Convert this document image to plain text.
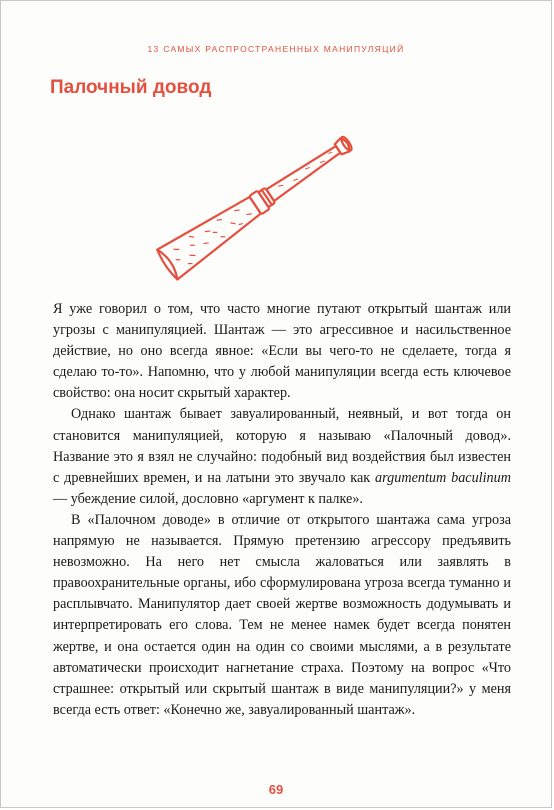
13 САМЫХ РАСПРОСТРАНЕННЫХ МАНИПУЛЯЦИЙ
Палочный довод

Я уже говорил о том, что часто многие путают открытый шантаж или угрозы с манипуляцией. Шантаж — это агрессивное и насильственное действие, но оно всегда явное: «Если вы чего-то не сделаете, тогда я сделаю то-то». Напомню, что у любой манипуляции всегда есть ключевое свойство: она носит скрытый характер.

Однако шантаж бывает завуалированный, неявный, и вот тогда он становится манипуляцией, которую я называю «Палочный довод». Название это я взял не случайно: подобный вид воздействия был известен с древнейших времен, и на латыни это звучало как argumentum baculinum — убеждение силой, дословно «аргумент к палке».

В «Палочном доводе» в отличие от открытого шантажа сама угроза напрямую не называется. Прямую претензию агрессору предъявить невозможно. На него нет смысла жаловаться или заявлять в правоохранительные органы, ибо сформулирована угроза всегда туманно и расплывчато. Манипулятор дает своей жертве возможность додумывать и интерпретировать его слова. Тем не менее намек будет всегда понятен жертве, и она остается один на один со своими мыслями, а в результате автоматически происходит нагнетание страха. Поэтому на вопрос «Что страшнее: открытый или скрытый шантаж в виде манипуляции?» у меня всегда есть ответ: «Конечно же, завуалированный шантаж».

69
